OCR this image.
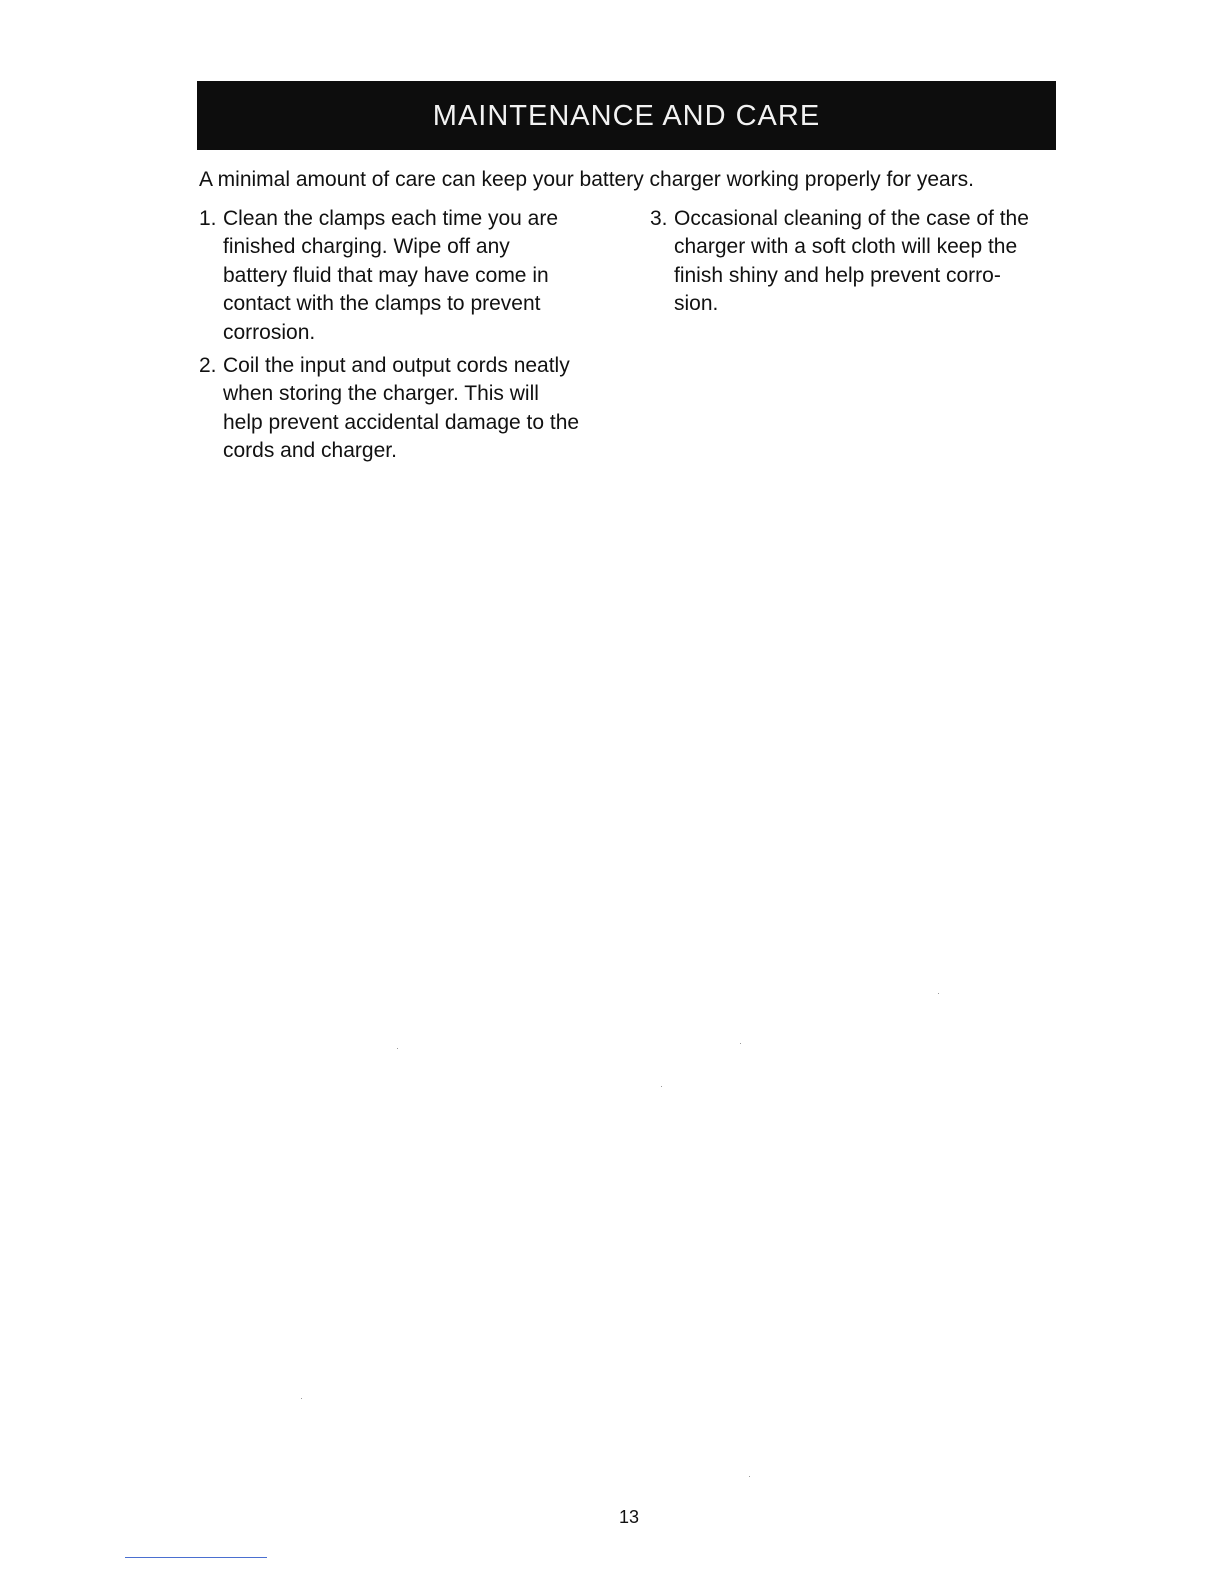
MAINTENANCE AND CARE
A minimal amount of care can keep your battery charger working properly for years.
1. Clean the clamps each time you are
finished charging. Wipe off any
battery fluid that may have come in
contact with the clamps to prevent
corrosion.
2. Coil the input and output cords neatly
when storing the charger. This will
help prevent accidental damage to the
cords and charger.
3. Occasional cleaning of the case of the
charger with a soft cloth will keep the
finish shiny and help prevent corro-
sion.
13
